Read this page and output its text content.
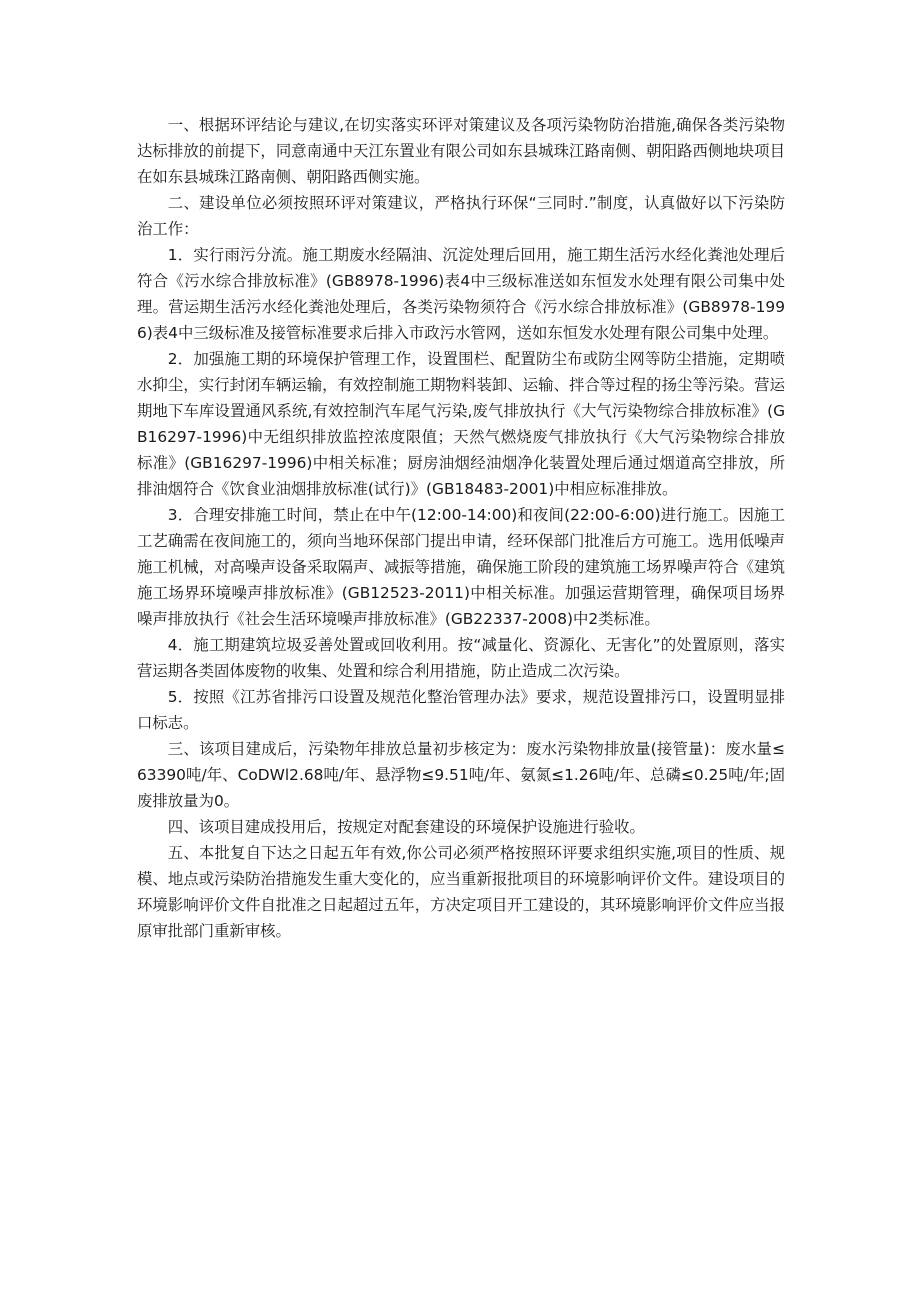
一、根据环评结论与建议,在切实落实环评对策建议及各项污染物防治措施,确保各类污染物达标排放的前提下，同意南通中天江东置业有限公司如东县城珠江路南侧、朝阳路西侧地块项目在如东县城珠江路南侧、朝阳路西侧实施。

二、建设单位必须按照环评对策建议，严格执行环保“三同时.”制度，认真做好以下污染防治工作：

1．实行雨污分流。施工期废水经隔油、沉淀处理后回用，施工期生活污水经化粪池处理后符合《污水综合排放标准》(GB8978-1996)表4中三级标准送如东恒发水处理有限公司集中处理。营运期生活污水经化粪池处理后，各类污染物须符合《污水综合排放标准》(GB8978-1996)表4中三级标准及接管标准要求后排入市政污水管网，送如东恒发水处理有限公司集中处理。

2．加强施工期的环境保护管理工作，设置围栏、配置防尘布或防尘网等防尘措施，定期喷水抑尘，实行封闭车辆运输，有效控制施工期物料装卸、运输、拌合等过程的扬尘等污染。营运期地下车库设置通风系统,有效控制汽车尾气污染,废气排放执行《大气污染物综合排放标准》(GB16297-1996)中无组织排放监控浓度限值；天然气燃烧废气排放执行《大气污染物综合排放标准》(GB16297-1996)中相关标准；厨房油烟经油烟净化装置处理后通过烟道高空排放，所排油烟符合《饮食业油烟排放标准(试行)》(GB18483-2001)中相应标准排放。

3．合理安排施工时间，禁止在中午(12:00-14:00)和夜间(22:00-6:00)进行施工。因施工工艺确需在夜间施工的，须向当地环保部门提出申请，经环保部门批准后方可施工。选用低噪声施工机械，对高噪声设备采取隔声、减振等措施，确保施工阶段的建筑施工场界噪声符合《建筑施工场界环境噪声排放标准》(GB12523-2011)中相关标准。加强运营期管理，确保项目场界噪声排放执行《社会生活环境噪声排放标准》(GB22337-2008)中2类标准。

4．施工期建筑垃圾妥善处置或回收利用。按“减量化、资源化、无害化”的处置原则，落实营运期各类固体废物的收集、处置和综合利用措施，防止造成二次污染。

5．按照《江苏省排污口设置及规范化整治管理办法》要求，规范设置排污口，设置明显排口标志。

三、该项目建成后，污染物年排放总量初步核定为：废水污染物排放量(接管量)：废水量≤63390吨/年、CoDWl2.68吨/年、悬浮物≤9.51吨/年、氨氮≤1.26吨/年、总磷≤0.25吨/年;固废排放量为0。

四、该项目建成投用后，按规定对配套建设的环境保护设施进行验收。

五、本批复自下达之日起五年有效,你公司必须严格按照环评要求组织实施,项目的性质、规模、地点或污染防治措施发生重大变化的，应当重新报批项目的环境影响评价文件。建设项目的环境影响评价文件自批准之日起超过五年，方决定项目开工建设的，其环境影响评价文件应当报原审批部门重新审核。
